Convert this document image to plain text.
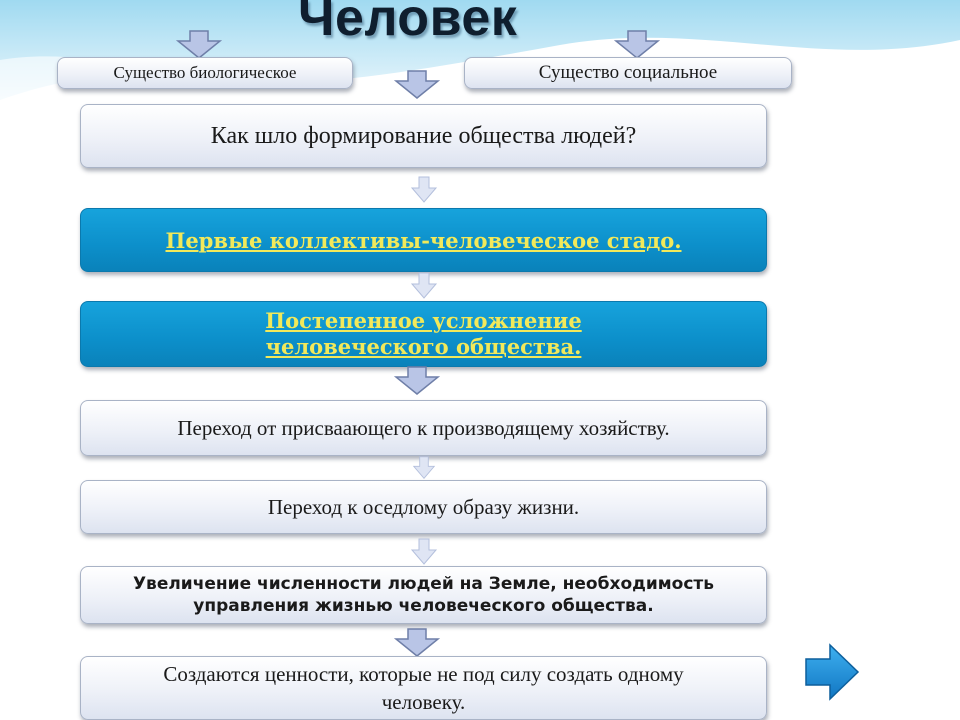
Человек
Существо биологическое	Существо социальное
Как шло формирование общества людей?
Первые коллективы-человеческое стадо.
Постепенное усложнение человеческого общества.
Переход от присваающего к производящему хозяйству.
Переход к оседлому образу жизни.
Увеличение численности людей на Земле, необходимость управления жизнью человеческого общества.
Создаются ценности, которые не под силу создать одному человеку.
